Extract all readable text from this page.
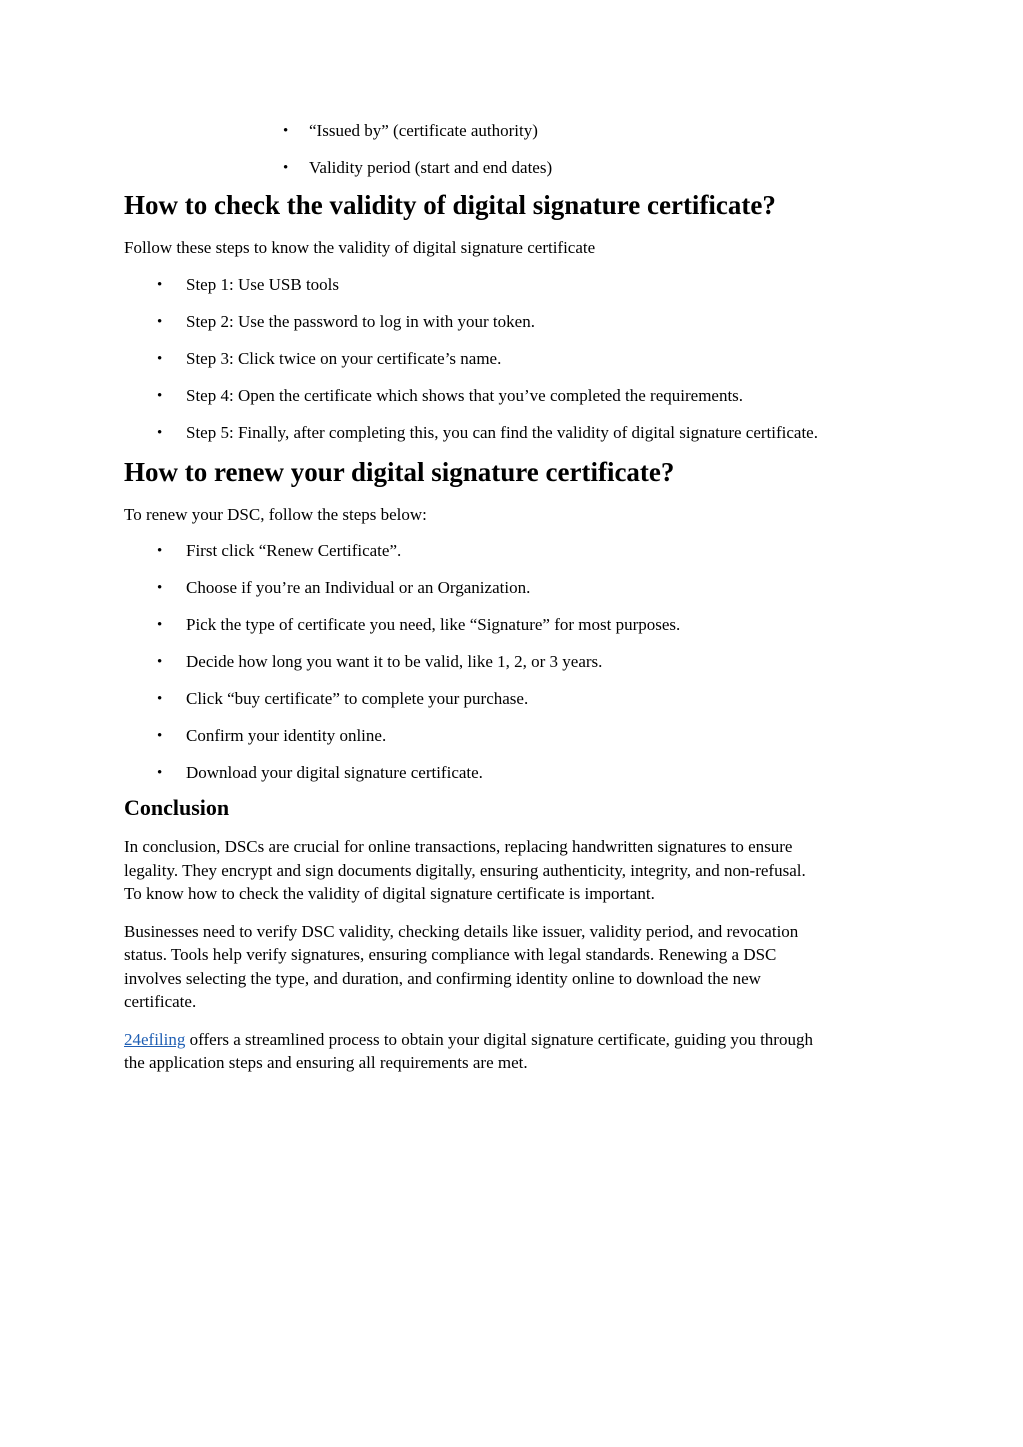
• “Issued by” (certificate authority)
• Validity period (start and end dates)
How to check the validity of digital signature certificate?

Follow these steps to know the validity of digital signature certificate

• Step 1: Use USB tools
• Step 2: Use the password to log in with your token.
• Step 3: Click twice on your certificate’s name.
• Step 4: Open the certificate which shows that you’ve completed the requirements.
• Step 5: Finally, after completing this, you can find the validity of digital signature certificate.
How to renew your digital signature certificate?

To renew your DSC, follow the steps below:

• First click “Renew Certificate”.
• Choose if you’re an Individual or an Organization.
• Pick the type of certificate you need, like “Signature” for most purposes.
• Decide how long you want it to be valid, like 1, 2, or 3 years.
• Click “buy certificate” to complete your purchase.
• Confirm your identity online.
• Download your digital signature certificate.
Conclusion

In conclusion, DSCs are crucial for online transactions, replacing handwritten signatures to ensure
legality. They encrypt and sign documents digitally, ensuring authenticity, integrity, and non-refusal.
To know how to check the validity of digital signature certificate is important.

Businesses need to verify DSC validity, checking details like issuer, validity period, and revocation
status. Tools help verify signatures, ensuring compliance with legal standards. Renewing a DSC
involves selecting the type, and duration, and confirming identity online to download the new
certificate.

24efiling offers a streamlined process to obtain your digital signature certificate, guiding you through
the application steps and ensuring all requirements are met.
